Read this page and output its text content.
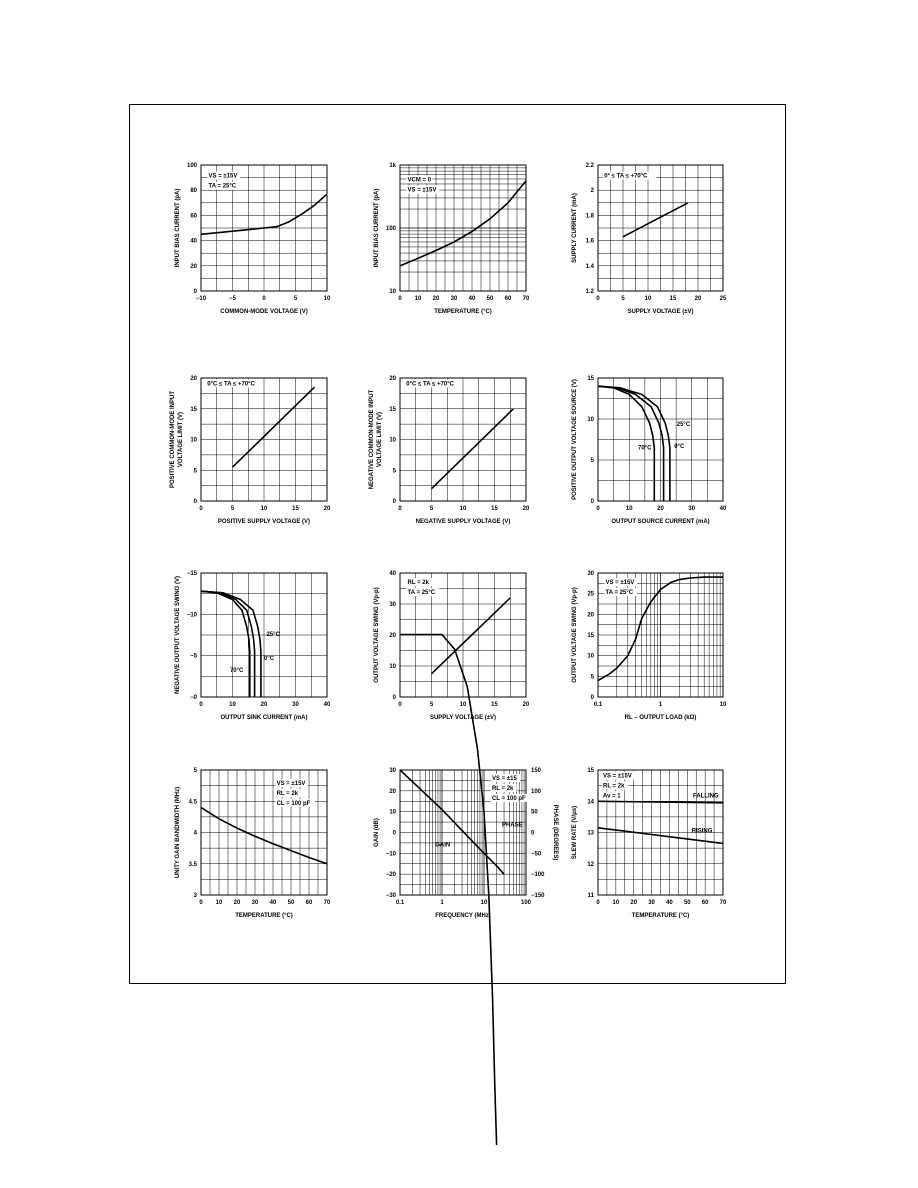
−10	−5	0	5	10
0
20
40
60
80
100
COMMON-MODE VOLTAGE (V)
INPUT BIAS CURRENT (pA)
VS = ±15V
TA = 25°C
0 10 20 30 40 50 60 70
10
100
1k
TEMPERATURE (°C)
INPUT BIAS CURRENT (pA)
VCM = 0
VS = ±15V
0	5	10	15	20	25
1.2
1.4
1.6
1.8
2
2.2
SUPPLY VOLTAGE (±V)
SUPPLY CURRENT (mA)
0° ≤ TA ≤ +70°C
0	5	10	15	20
0
5
10
15
20
POSITIVE SUPPLY VOLTAGE (V)
POSITIVE COMMON-MODE INPUT VOLTAGE LIMIT (V)
0°C ≤ TA ≤ +70°C
0	5	10	15	20
0
5
10
15
20
NEGATIVE SUPPLY VOLTAGE (V)
NEGATIVE COMMON-MODE INPUT VOLTAGE LIMIT (V)
0°C ≤ TA ≤ +70°C
0	10	20	30	40
0
5
10
15
OUTPUT SOURCE CURRENT (mA)
POSITIVE OUTPUT VOLTAGE SOURCE (V)	70°C
25°C
0°C
0	10	20	30	40
−0
−5
−10
−15
OUTPUT SINK CURRENT (mA)
NEGATIVE OUTPUT VOLTAGE SWING (V)	70°C
25°C
0°C
0	5	10	15	20
0
10
20
30
40
SUPPLY VOLTAGE (±V)
OUTPUT VOLTAGE SWING (Vp-p)
RL = 2k
TA = 25°C
0.1	1	10
0
5
10
15
20
25
30
RL – OUTPUT LOAD (kΩ)
OUTPUT VOLTAGE SWING (Vp-p)
VS = ±15V
TA = 25°C
0 10 20 30 40 50 60 70
3
3.5
4
4.5
5
TEMPERATURE (°C)
UNITY GAIN BANDWIDTH (MHz)
VS = ±15V
RL = 2k
CL = 100 pF
0.1	1	10	100
−30
−20
−10
0
10
20
30
−150
−100
−50
0
50
100
150
PHASE (DEGREES)
FREQUENCY (MHz)
GAIN (dB)
VS = ±15
RL = 2k
CL = 100 pF
GAIN
PHASE
0 10 20 30 40 50 60 70
11
12
13
14
15
TEMPERATURE (°C)
SLEW RATE (V/μs)
VS = ±15V
RL = 2k
Av = 1	FALLING
RISING
